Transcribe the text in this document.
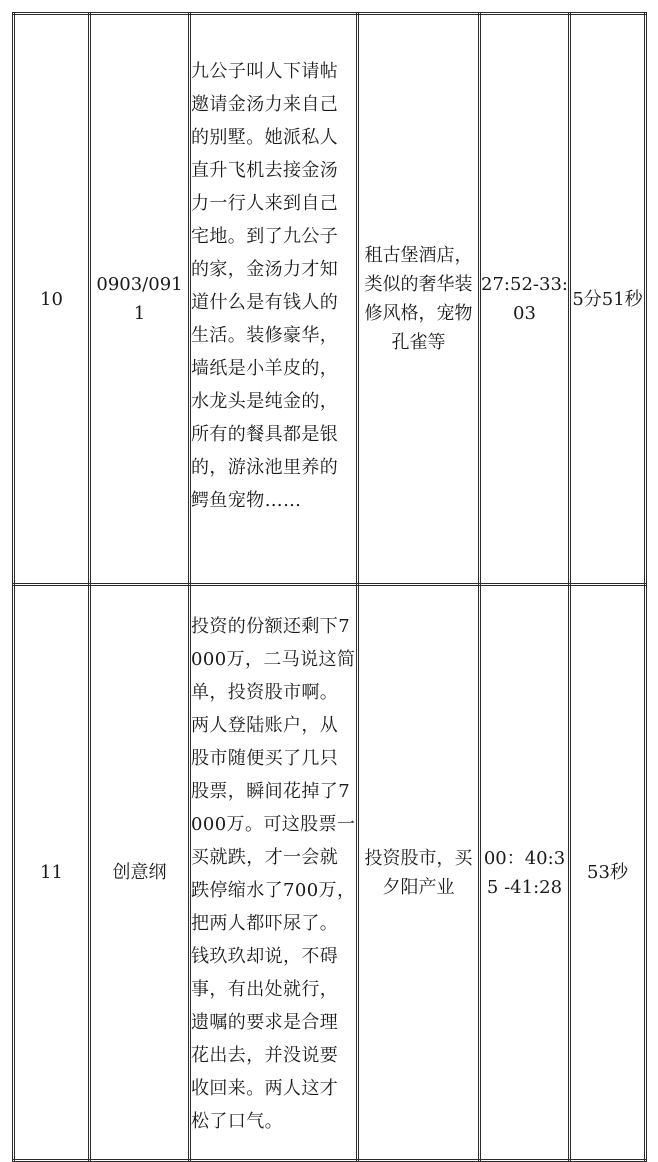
10	0903/0911	九公子叫人下请帖邀请金汤力来自己的别墅。她派私人直升飞机去接金汤力一行人来到自己宅地。到了九公子的家，金汤力才知道什么是有钱人的生活。装修豪华，墙纸是小羊皮的，水龙头是纯金的，所有的餐具都是银的，游泳池里养的鳄鱼宠物……	租古堡酒店，类似的奢华装修风格，宠物孔雀等	27:52-33:03	5分51秒
11	创意纲	投资的份额还剩下7000万，二马说这简单，投资股市啊。两人登陆账户，从股市随便买了几只股票，瞬间花掉了7000万。可这股票一买就跌，才一会就跌停缩水了700万，把两人都吓尿了。钱玖玖却说，不碍事，有出处就行，遗嘱的要求是合理花出去，并没说要收回来。两人这才松了口气。	投资股市，买夕阳产业	00：40:35 -41:28	53秒
